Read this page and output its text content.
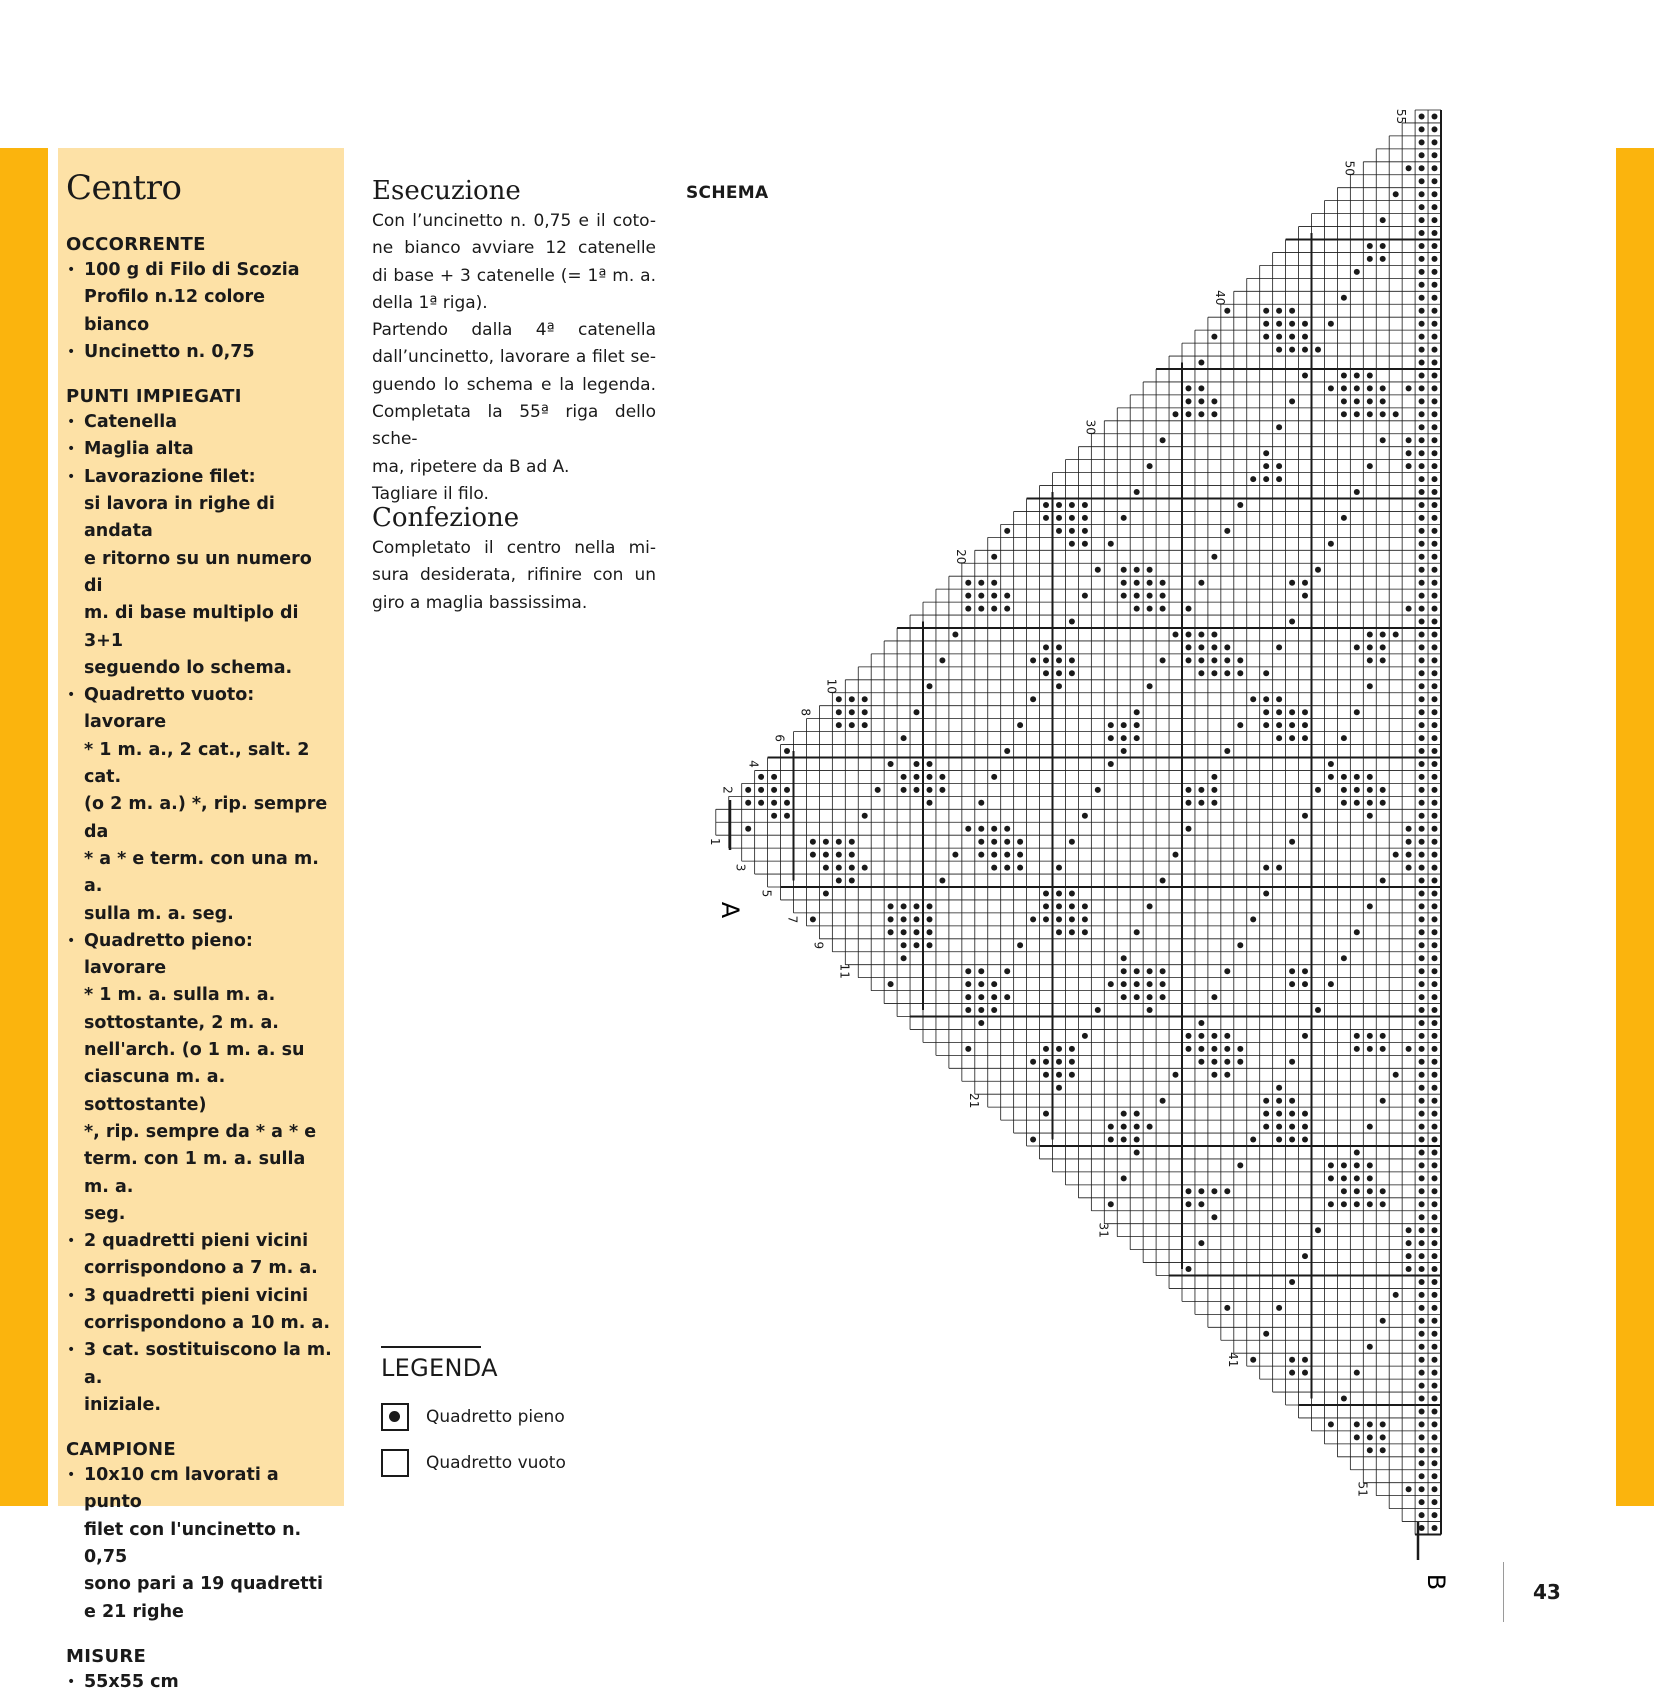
Centro
OCCORRENTE
• 100 g di Filo di Scozia
Profilo n.12 colore bianco
• Uncinetto n. 0,75
PUNTI IMPIEGATI
• Catenella
• Maglia alta
• Lavorazione filet:
si lavora in righe di andata
e ritorno su un numero di
m. di base multiplo di 3+1
seguendo lo schema.
• Quadretto vuoto: lavorare
* 1 m. a., 2 cat., salt. 2 cat.
(o 2 m. a.) *, rip. sempre da
* a * e term. con una m. a.
sulla m. a. seg.
• Quadretto pieno: lavorare
* 1 m. a. sulla m. a.
sottostante, 2 m. a.
nell'arch. (o 1 m. a. su
ciascuna m. a. sottostante)
*, rip. sempre da * a * e
term. con 1 m. a. sulla m. a.
seg.
• 2 quadretti pieni vicini
corrispondono a 7 m. a.
• 3 quadretti pieni vicini
corrispondono a 10 m. a.
• 3 cat. sostituiscono la m. a.
iniziale.
CAMPIONE
• 10x10 cm lavorati a punto
filet con l'uncinetto n. 0,75
sono pari a 19 quadretti
e 21 righe
MISURE
• 55x55 cm
Esecuzione

Con l’uncinetto n. 0,75 e il coto-
ne bianco avviare 12 catenelle
di base + 3 catenelle (= 1ª m. a.
della 1ª riga).
Partendo dalla 4ª catenella
dall’uncinetto, lavorare a filet se-
guendo lo schema e la legenda.
Completata la 55ª riga dello sche-
ma, ripetere da B ad A.
Tagliare il filo.

Confezione

Completato il centro nella mi-
sura desiderata, rifinire con un
giro a maglia bassissima.

SCHEMA
1
2
3
4
5
6
7
8
9
10
11
20
21
30
31
40
41
50
51
55
A
B
LEGENDA
Quadretto pieno
Quadretto vuoto
43
